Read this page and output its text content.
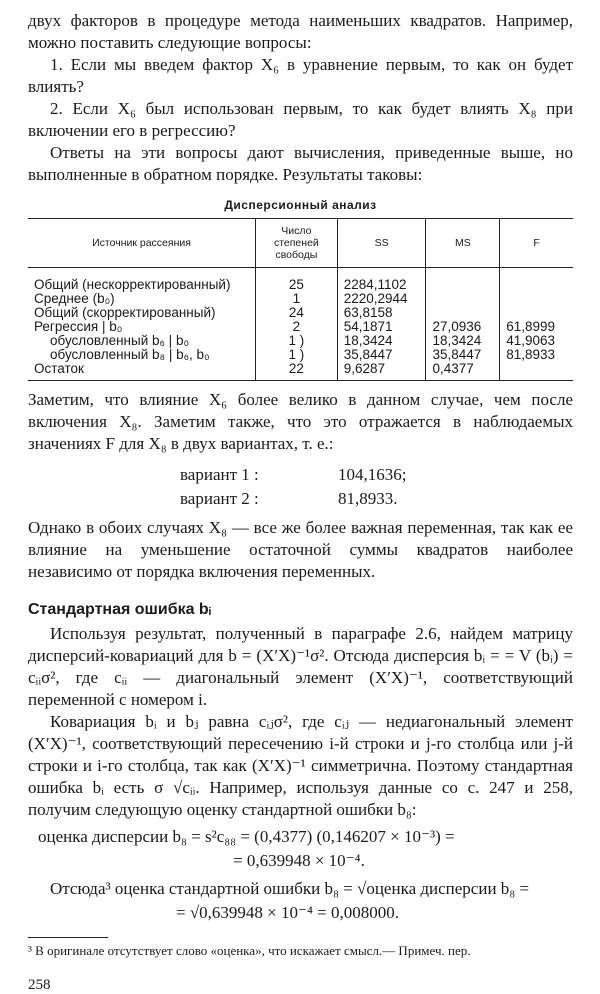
двух факторов в процедуре метода наименьших квадратов. Например, можно поставить следующие вопросы:

1. Если мы введем фактор X₆ в уравнение первым, то как он будет влиять?

2. Если X₆ был использован первым, то как будет влиять X₈ при включении его в регрессию?

Ответы на эти вопросы дают вычисления, приведенные выше, но выполненные в обратном порядке. Результаты таковы:

Дисперсионный анализ
Источник рассеяния	Число степеней свободы	SS	MS	F
Общий (нескорректированный)	25	2284,1102		
Среднее (b₀)	1	2220,2944		
Общий (скорректированный)	24	63,8158		
Регрессия | b₀	2	54,1871	27,0936	61,8999
обусловленный b₆ | b₀	1 )	18,3424	18,3424	41,9063
обусловленный b₈ | b₆, b₀	1 )	35,8447	35,8447	81,8933
Остаток	22	9,6287	0,4377	

Заметим, что влияние X₆ более велико в данном случае, чем после включения X₈. Заметим также, что это отражается в наблюдаемых значениях F для X₈ в двух вариантах, т. е.:

вариант 1 :	104,1636;
вариант 2 :	81,8933.

Однако в обоих случаях X₈ — все же более важная переменная, так как ее влияние на уменьшение остаточной суммы квадратов наиболее независимо от порядка включения переменных.

Стандартная ошибка bᵢ

Используя результат, полученный в параграфе 2.6, найдем матрицу дисперсий-ковариаций для b = (X′X)⁻¹σ². Отсюда дисперсия bᵢ = = V (bᵢ) = cᵢᵢσ², где cᵢᵢ — диагональный элемент (X′X)⁻¹, соответствующий переменной с номером i.

Ковариация bᵢ и bⱼ равна cᵢⱼσ², где cᵢⱼ — недиагональный элемент (X′X)⁻¹, соответствующий пересечению i-й строки и j-го столбца или j-й строки и i-го столбца, так как (X′X)⁻¹ симметрична. Поэтому стандартная ошибка bᵢ есть σ √cᵢᵢ. Например, используя данные со с. 247 и 258, получим следующую оценку стандартной ошибки b₈:

оценка дисперсии b₈ = s²c₈₈ = (0,4377) (0,146207 × 10⁻³) =
= 0,639948 × 10⁻⁴.
Отсюда³ оценка стандартной ошибки b₈ = √оценка дисперсии b₈ =
= √0,639948 × 10⁻⁴ = 0,008000.
³ В оригинале отсутствует слово «оценка», что искажает смысл.— Примеч. пер.
258
